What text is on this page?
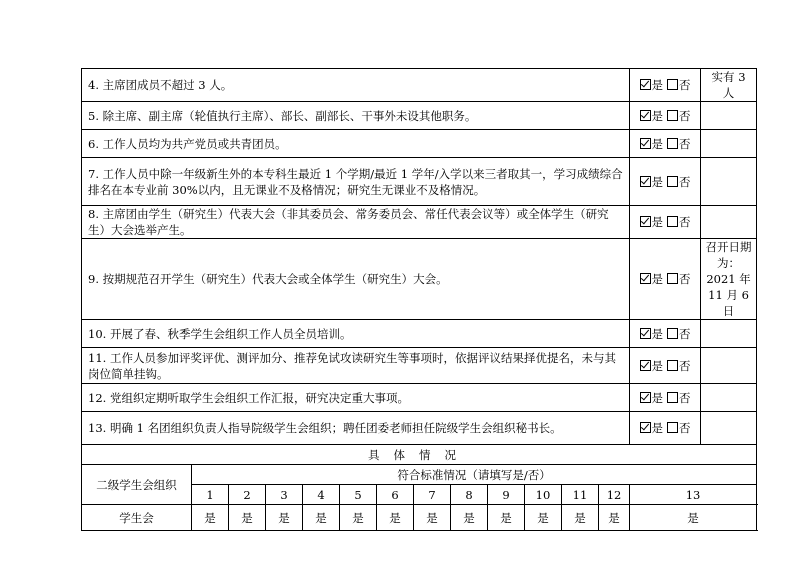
4. 主席团成员不超过 3 人。													是 否	实有 3 人
5. 除主席、副主席（轮值执行主席）、部长、副部长、干事外未设其他职务。													是 否	
6. 工作人员均为共产党员或共青团员。													是 否	
7. 工作人员中除一年级新生外的本专科生最近 1 个学期/最近 1 学年/入学以来三者取其一，学习成绩综合排名在本专业前 30%以内，且无课业不及格情况；研究生无课业不及格情况。													是 否	
8. 主席团由学生（研究生）代表大会（非其委员会、常务委员会、常任代表会议等）或全体学生（研究生）大会选举产生。													是 否	
9. 按期规范召开学生（研究生）代表大会或全体学生（研究生）大会。													是 否	召开日期为：2021 年 11 月 6 日
10. 开展了春、秋季学生会组织工作人员全员培训。													是 否	
11. 工作人员参加评奖评优、测评加分、推荐免试攻读研究生等事项时，依据评议结果择优提名，未与其岗位简单挂钩。													是 否	
12. 党组织定期听取学生会组织工作汇报，研究决定重大事项。													是 否	
13. 明确 1 名团组织负责人指导院级学生会组织；聘任团委老师担任院级学生会组织秘书长。													是 否	
具体情况														
二级学生会组织	符合标准情况（请填写是/否）													
	1	2	3	4	5	6	7	8	9	10	11	12	13	
学生会	是	是	是	是	是	是	是	是	是	是	是	是	是	
